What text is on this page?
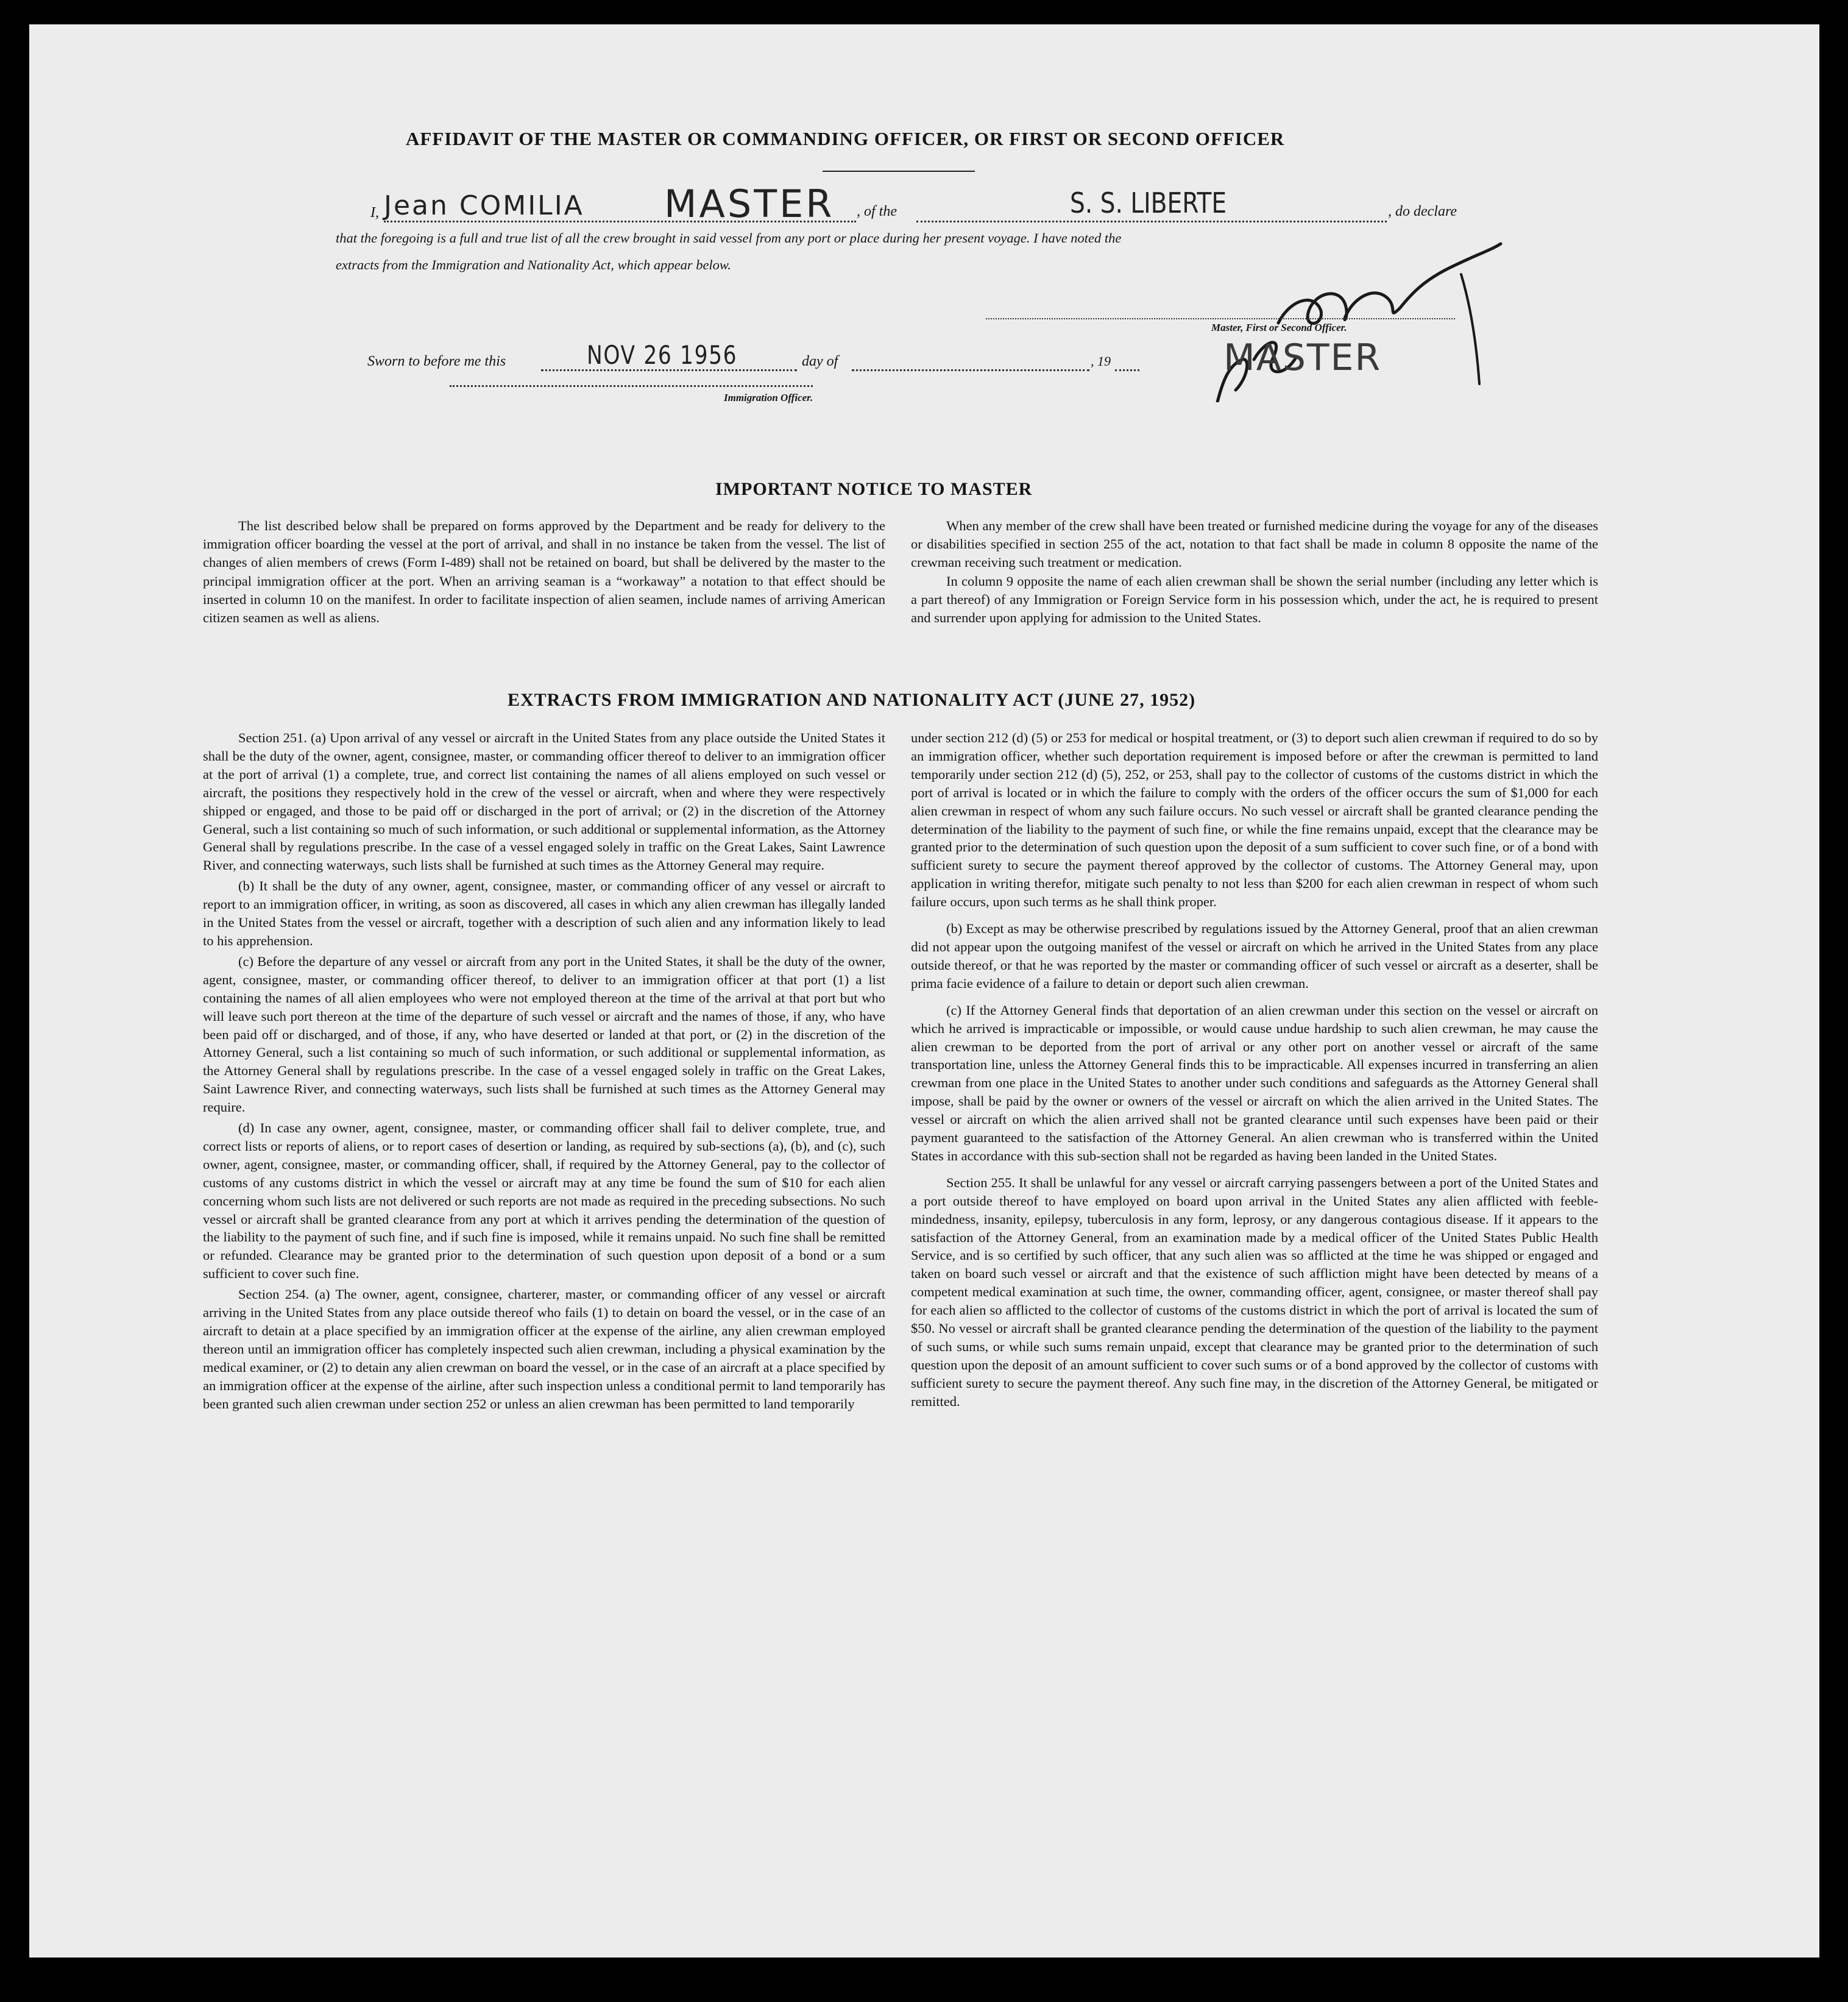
AFFIDAVIT OF THE MASTER OR COMMANDING OFFICER, OR FIRST OR SECOND OFFICER
I, Jean COMILIA MASTER , of the	S. S. LIBERTE	, do declare
that the foregoing is a full and true list of all the crew brought in said vessel from any port or place during her present voyage. I have noted the
extracts from the Immigration and Nationality Act, which appear below.
Master, First or Second Officer.
MASTER
Sworn to before me this	NOV 26 1956	day of	, 19
Immigration Officer.
IMPORTANT NOTICE TO MASTER

The list described below shall be prepared on forms approved by the Department and be ready for delivery to the immigration officer boarding the vessel at the port of arrival, and shall in no instance be taken from the vessel. The list of changes of alien members of crews (Form I-489) shall not be retained on board, but shall be delivered by the master to the principal immigration officer at the port. When an arriving seaman is a “workaway” a notation to that effect should be inserted in column 10 on the manifest. In order to facilitate inspection of alien seamen, include names of arriving American citizen seamen as well as aliens.

When any member of the crew shall have been treated or furnished medicine during the voyage for any of the diseases or disabilities specified in section 255 of the act, notation to that fact shall be made in column 8 opposite the name of the crewman receiving such treatment or medication.

In column 9 opposite the name of each alien crewman shall be shown the serial number (including any letter which is a part thereof) of any Immigration or Foreign Service form in his possession which, under the act, he is required to present and surrender upon applying for admission to the United States.

EXTRACTS FROM IMMIGRATION AND NATIONALITY ACT (JUNE 27, 1952)

Section 251. (a) Upon arrival of any vessel or aircraft in the United States from any place outside the United States it shall be the duty of the owner, agent, consignee, master, or commanding officer thereof to deliver to an immigration officer at the port of arrival (1) a complete, true, and correct list containing the names of all aliens employed on such vessel or aircraft, the positions they respectively hold in the crew of the vessel or aircraft, when and where they were respectively shipped or engaged, and those to be paid off or discharged in the port of arrival; or (2) in the discretion of the Attorney General, such a list containing so much of such information, or such additional or supplemental information, as the Attorney General shall by regulations prescribe. In the case of a vessel engaged solely in traffic on the Great Lakes, Saint Lawrence River, and connecting waterways, such lists shall be furnished at such times as the Attorney General may require.

(b) It shall be the duty of any owner, agent, consignee, master, or commanding officer of any vessel or aircraft to report to an immigration officer, in writing, as soon as discovered, all cases in which any alien crewman has illegally landed in the United States from the vessel or aircraft, together with a description of such alien and any information likely to lead to his apprehension.

(c) Before the departure of any vessel or aircraft from any port in the United States, it shall be the duty of the owner, agent, consignee, master, or commanding officer thereof, to deliver to an immigration officer at that port (1) a list containing the names of all alien employees who were not employed thereon at the time of the arrival at that port but who will leave such port thereon at the time of the departure of such vessel or aircraft and the names of those, if any, who have been paid off or discharged, and of those, if any, who have deserted or landed at that port, or (2) in the discretion of the Attorney General, such a list containing so much of such information, or such additional or supplemental information, as the Attorney General shall by regulations prescribe. In the case of a vessel engaged solely in traffic on the Great Lakes, Saint Lawrence River, and connecting waterways, such lists shall be furnished at such times as the Attorney General may require.

(d) In case any owner, agent, consignee, master, or commanding officer shall fail to deliver complete, true, and correct lists or reports of aliens, or to report cases of desertion or landing, as required by sub-sections (a), (b), and (c), such owner, agent, consignee, master, or commanding officer, shall, if required by the Attorney General, pay to the collector of customs of any customs district in which the vessel or aircraft may at any time be found the sum of $10 for each alien concerning whom such lists are not delivered or such reports are not made as required in the preceding subsections. No such vessel or aircraft shall be granted clearance from any port at which it arrives pending the determination of the question of the liability to the payment of such fine, and if such fine is imposed, while it remains unpaid. No such fine shall be remitted or refunded. Clearance may be granted prior to the determination of such question upon deposit of a bond or a sum sufficient to cover such fine.

Section 254. (a) The owner, agent, consignee, charterer, master, or commanding officer of any vessel or aircraft arriving in the United States from any place outside thereof who fails (1) to detain on board the vessel, or in the case of an aircraft to detain at a place specified by an immigration officer at the expense of the airline, any alien crewman employed thereon until an immigration officer has completely inspected such alien crewman, including a physical examination by the medical examiner, or (2) to detain any alien crewman on board the vessel, or in the case of an aircraft at a place specified by an immigration officer at the expense of the airline, after such inspection unless a conditional permit to land temporarily has been granted such alien crewman under section 252 or unless an alien crewman has been permitted to land temporarily

under section 212 (d) (5) or 253 for medical or hospital treatment, or (3) to deport such alien crewman if required to do so by an immigration officer, whether such deportation requirement is imposed before or after the crewman is permitted to land temporarily under section 212 (d) (5), 252, or 253, shall pay to the collector of customs of the customs district in which the port of arrival is located or in which the failure to comply with the orders of the officer occurs the sum of $1,000 for each alien crewman in respect of whom any such failure occurs. No such vessel or aircraft shall be granted clearance pending the determination of the liability to the payment of such fine, or while the fine remains unpaid, except that the clearance may be granted prior to the determination of such question upon the deposit of a sum sufficient to cover such fine, or of a bond with sufficient surety to secure the payment thereof approved by the collector of customs. The Attorney General may, upon application in writing therefor, mitigate such penalty to not less than $200 for each alien crewman in respect of whom such failure occurs, upon such terms as he shall think proper.

(b) Except as may be otherwise prescribed by regulations issued by the Attorney General, proof that an alien crewman did not appear upon the outgoing manifest of the vessel or aircraft on which he arrived in the United States from any place outside thereof, or that he was reported by the master or commanding officer of such vessel or aircraft as a deserter, shall be prima facie evidence of a failure to detain or deport such alien crewman.

(c) If the Attorney General finds that deportation of an alien crewman under this section on the vessel or aircraft on which he arrived is impracticable or impossible, or would cause undue hardship to such alien crewman, he may cause the alien crewman to be deported from the port of arrival or any other port on another vessel or aircraft of the same transportation line, unless the Attorney General finds this to be impracticable. All expenses incurred in transferring an alien crewman from one place in the United States to another under such conditions and safeguards as the Attorney General shall impose, shall be paid by the owner or owners of the vessel or aircraft on which the alien arrived in the United States. The vessel or aircraft on which the alien arrived shall not be granted clearance until such expenses have been paid or their payment guaranteed to the satisfaction of the Attorney General. An alien crewman who is transferred within the United States in accordance with this sub-section shall not be regarded as having been landed in the United States.

Section 255. It shall be unlawful for any vessel or aircraft carrying passengers between a port of the United States and a port outside thereof to have employed on board upon arrival in the United States any alien afflicted with feeble-mindedness, insanity, epilepsy, tuberculosis in any form, leprosy, or any dangerous contagious disease. If it appears to the satisfaction of the Attorney General, from an examination made by a medical officer of the United States Public Health Service, and is so certified by such officer, that any such alien was so afflicted at the time he was shipped or engaged and taken on board such vessel or aircraft and that the existence of such affliction might have been detected by means of a competent medical examination at such time, the owner, commanding officer, agent, consignee, or master thereof shall pay for each alien so afflicted to the collector of customs of the customs district in which the port of arrival is located the sum of $50. No vessel or aircraft shall be granted clearance pending the determination of the question of the liability to the payment of such sums, or while such sums remain unpaid, except that clearance may be granted prior to the determination of such question upon the deposit of an amount sufficient to cover such sums or of a bond approved by the collector of customs with sufficient surety to secure the payment thereof. Any such fine may, in the discretion of the Attorney General, be mitigated or remitted.
